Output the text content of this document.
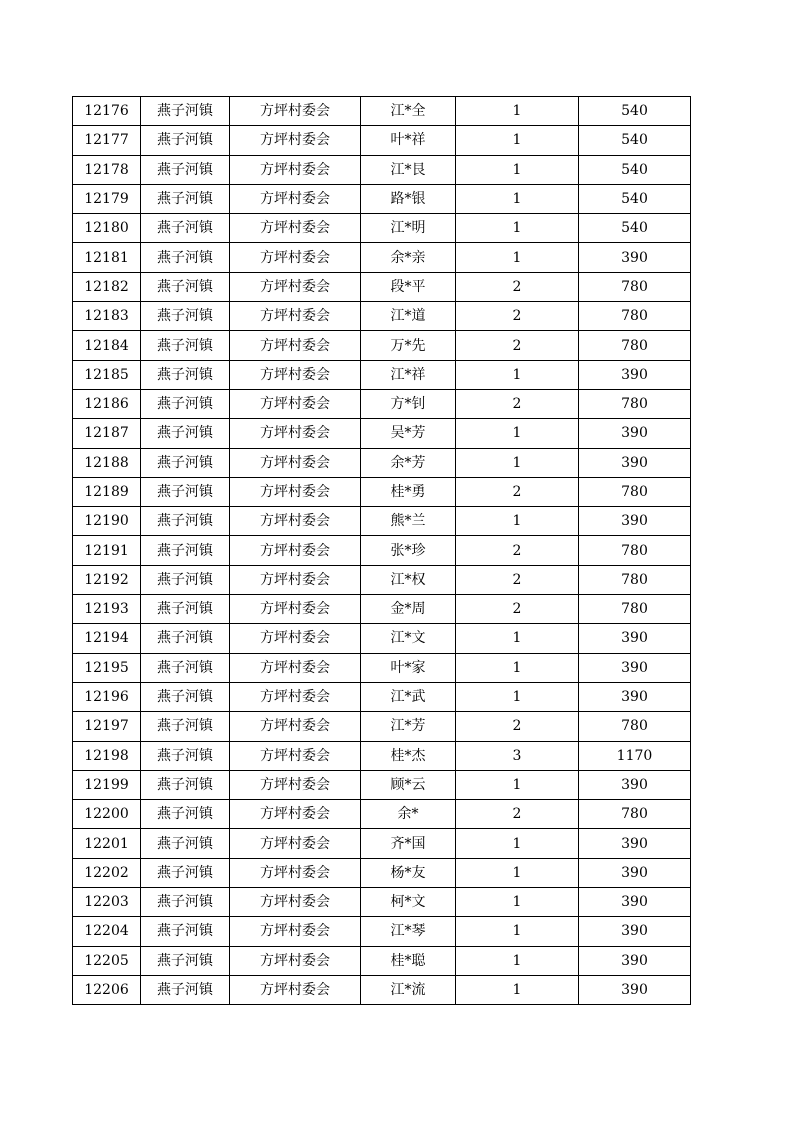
12176	燕子河镇	方坪村委会	江*全	1	540
12177	燕子河镇	方坪村委会	叶*祥	1	540
12178	燕子河镇	方坪村委会	江*艮	1	540
12179	燕子河镇	方坪村委会	路*银	1	540
12180	燕子河镇	方坪村委会	江*明	1	540
12181	燕子河镇	方坪村委会	余*亲	1	390
12182	燕子河镇	方坪村委会	段*平	2	780
12183	燕子河镇	方坪村委会	江*道	2	780
12184	燕子河镇	方坪村委会	万*先	2	780
12185	燕子河镇	方坪村委会	江*祥	1	390
12186	燕子河镇	方坪村委会	方*钊	2	780
12187	燕子河镇	方坪村委会	吴*芳	1	390
12188	燕子河镇	方坪村委会	余*芳	1	390
12189	燕子河镇	方坪村委会	桂*勇	2	780
12190	燕子河镇	方坪村委会	熊*兰	1	390
12191	燕子河镇	方坪村委会	张*珍	2	780
12192	燕子河镇	方坪村委会	江*权	2	780
12193	燕子河镇	方坪村委会	金*周	2	780
12194	燕子河镇	方坪村委会	江*文	1	390
12195	燕子河镇	方坪村委会	叶*家	1	390
12196	燕子河镇	方坪村委会	江*武	1	390
12197	燕子河镇	方坪村委会	江*芳	2	780
12198	燕子河镇	方坪村委会	桂*杰	3	1170
12199	燕子河镇	方坪村委会	顾*云	1	390
12200	燕子河镇	方坪村委会	余*	2	780
12201	燕子河镇	方坪村委会	齐*国	1	390
12202	燕子河镇	方坪村委会	杨*友	1	390
12203	燕子河镇	方坪村委会	柯*文	1	390
12204	燕子河镇	方坪村委会	江*琴	1	390
12205	燕子河镇	方坪村委会	桂*聪	1	390
12206	燕子河镇	方坪村委会	江*流	1	390
